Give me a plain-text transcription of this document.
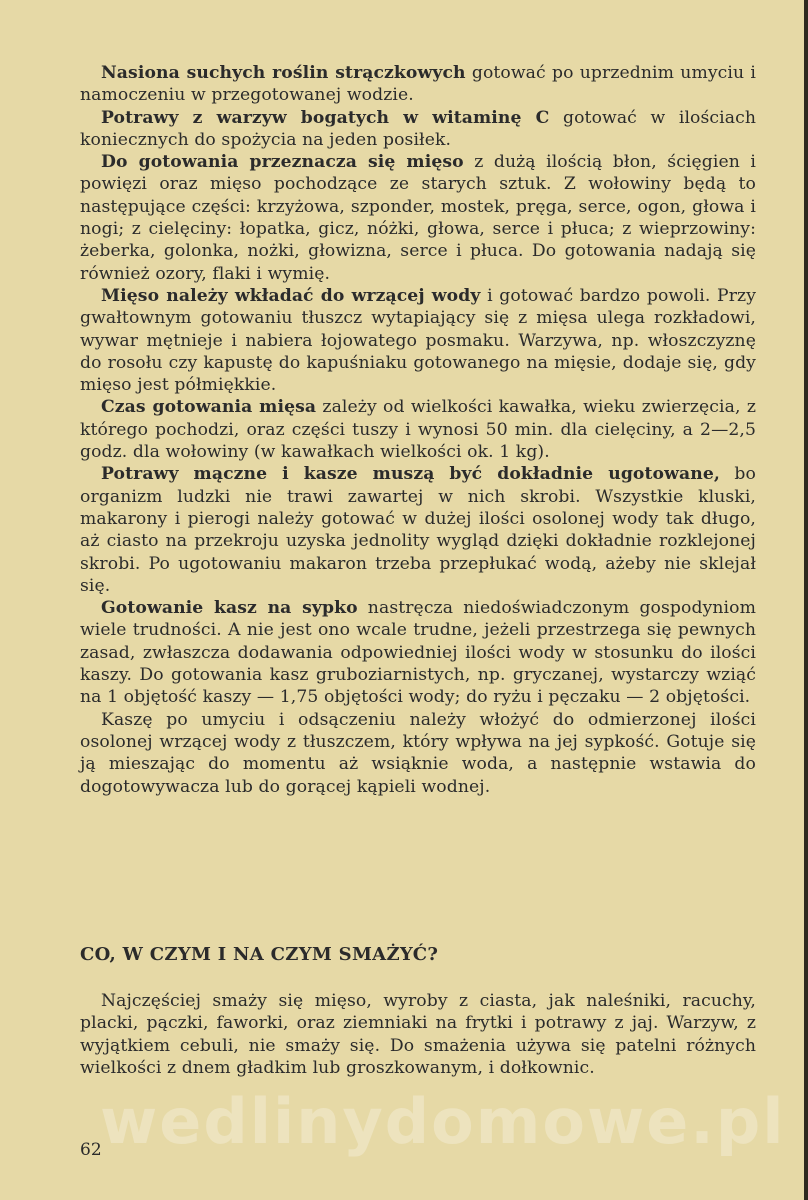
Nasiona suchych roślin strączkowych gotować po uprzednim umyciu i namoczeniu w przegotowanej wodzie.

Potrawy z warzyw bogatych w witaminę C gotować w ilościach koniecznych do spożycia na jeden posiłek.

Do gotowania przeznacza się mięso z dużą ilością błon, ścięgien i powięzi oraz mięso pochodzące ze starych sztuk. Z wołowiny będą to następujące części: krzyżowa, szponder, mostek, pręga, serce, ogon, głowa i nogi; z cielęciny: łopatka, gicz, nóżki, głowa, serce i płuca; z wieprzowiny: żeberka, golonka, nożki, głowizna, serce i płuca. Do gotowania nadają się również ozory, flaki i wymię.

Mięso należy wkładać do wrzącej wody i gotować bardzo powoli. Przy gwałtownym gotowaniu tłuszcz wytapiający się z mięsa ulega rozkładowi, wywar mętnieje i nabiera łojowatego posmaku. Warzywa, np. włoszczyznę do rosołu czy kapustę do kapuśniaku gotowanego na mięsie, dodaje się, gdy mięso jest półmiękkie.

Czas gotowania mięsa zależy od wielkości kawałka, wieku zwierzęcia, z którego pochodzi, oraz części tuszy i wynosi 50 min. dla cielęciny, a 2—2,5 godz. dla wołowiny (w kawałkach wielkości ok. 1 kg).

Potrawy mączne i kasze muszą być dokładnie ugotowane, bo organizm ludzki nie trawi zawartej w nich skrobi. Wszystkie kluski, makarony i pierogi należy gotować w dużej ilości osolonej wody tak długo, aż ciasto na przekroju uzyska jednolity wygląd dzięki dokładnie rozklejonej skrobi. Po ugotowaniu makaron trzeba przepłukać wodą, ażeby nie sklejał się.

Gotowanie kasz na sypko nastręcza niedoświadczonym gospodyniom wiele trudności. A nie jest ono wcale trudne, jeżeli przestrzega się pewnych zasad, zwłaszcza dodawania odpowiedniej ilości wody w stosunku do ilości kaszy. Do gotowania kasz gruboziarnistych, np. gryczanej, wystarczy wziąć na 1 objętość kaszy — 1,75 objętości wody; do ryżu i pęczaku — 2 objętości.

Kaszę po umyciu i odsączeniu należy włożyć do odmierzonej ilości osolonej wrzącej wody z tłuszczem, który wpływa na jej sypkość. Gotuje się ją mieszając do momentu aż wsiąknie woda, a następnie wstawia do dogotowywacza lub do gorącej kąpieli wodnej.

CO, W CZYM I NA CZYM SMAŻYĆ?

Najczęściej smaży się mięso, wyroby z ciasta, jak naleśniki, racuchy, placki, pączki, faworki, oraz ziemniaki na frytki i potrawy z jaj. Warzyw, z wyjątkiem cebuli, nie smaży się. Do smażenia używa się patelni różnych wielkości z dnem gładkim lub groszkowanym, i dołkownic.

wedlinydomowe.pl
62
